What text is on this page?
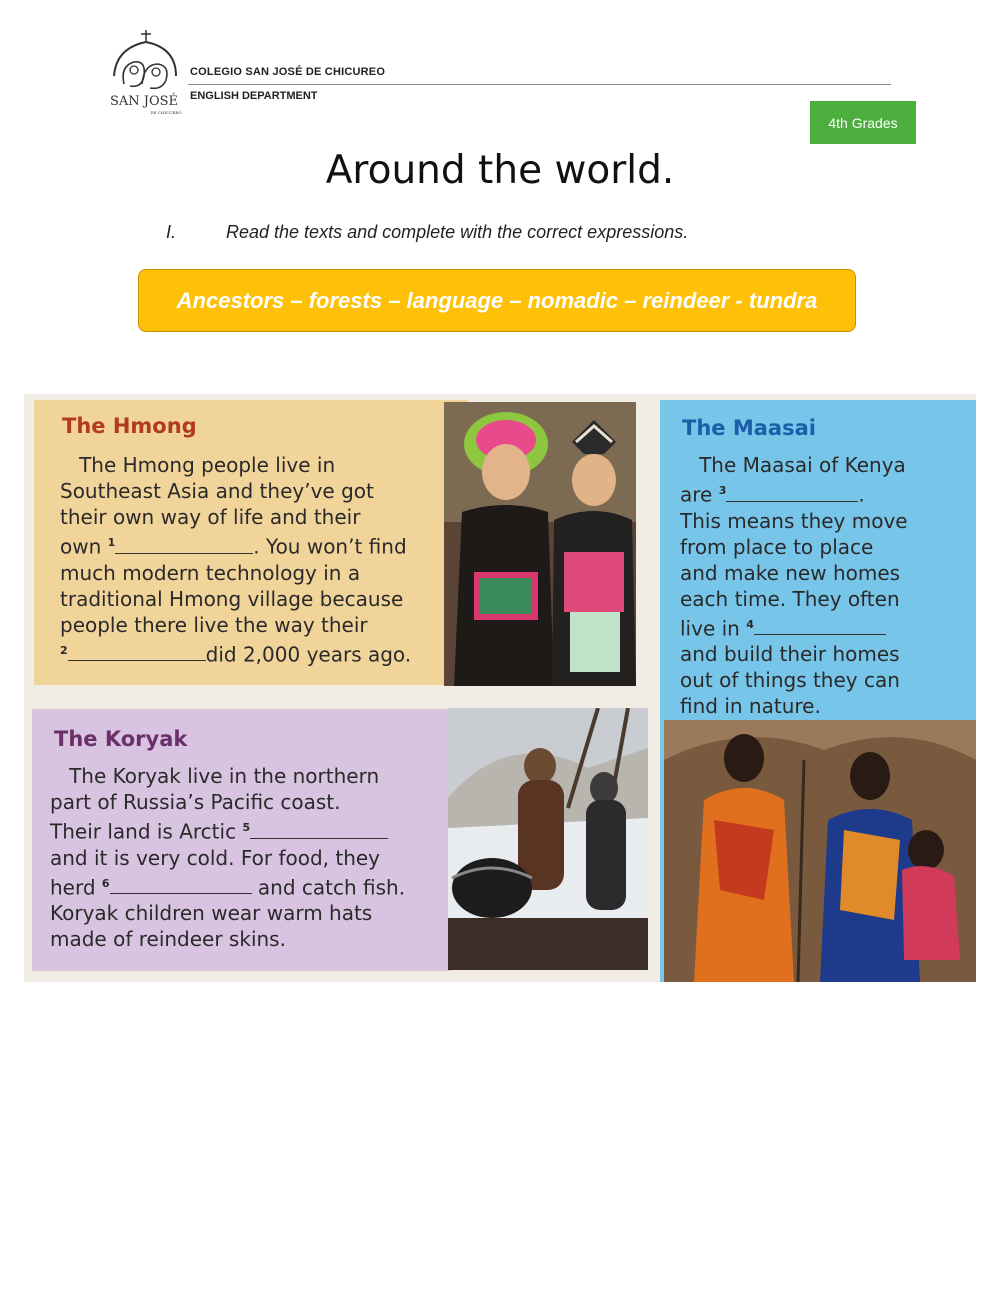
SAN JOSÉ
DE CHICUREO
COLEGIO SAN JOSÉ DE CHICUREO
ENGLISH DEPARTMENT
4th Grades
Around the world.
I.	Read the texts and complete with the correct expressions.
Ancestors – forests – language – nomadic – reindeer - tundra
The Hmong
The Hmong people live in
Southeast Asia and they’ve got
their own way of life and their
own $^1$	. You won’t find
much modern technology in a
traditional Hmong village because
people there live the way their
$^2$	did 2,000 years ago.
The Koryak
The Koryak live in the northern
part of Russia’s Pacific coast.
Their land is Arctic $^5$
and it is very cold. For food, they
herd $^6$	and catch fish.
Koryak children wear warm hats
made of reindeer skins.
The Maasai
The Maasai of Kenya
are $^3$	.
This means they move
from place to place
and make new homes
each time. They often
live in $^4$
and build their homes
out of things they can
find in nature.
